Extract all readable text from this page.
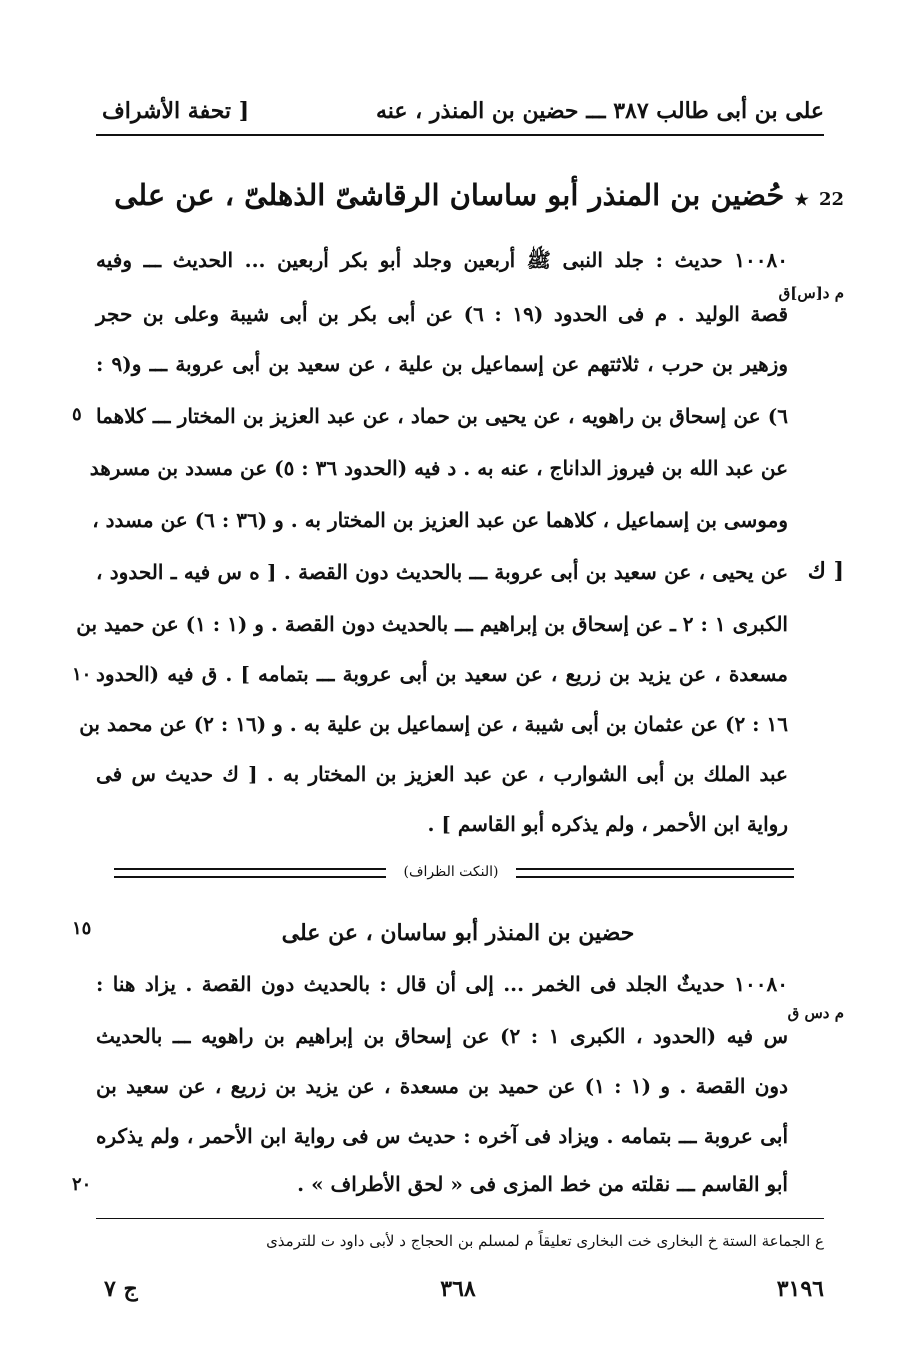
على بن أبى طالب ٣٨٧ ـــ حضين بن المنذر ، عنه
[ تحفة الأشراف
22 ★ حُضين بن المنذر أبو ساسان الرقاشىّ الذهلىّ ، عن على
١٠٠٨٠ حديث : جلد النبى ﷺ أربعين وجلد أبو بكر أربعين ... الحديث ـــ وفيه
م د[س]ق
قصة الوليد . م فى الحدود (١٩ : ٦) عن أبى بكر بن أبى شيبة وعلى بن حجر
وزهير بن حرب ، ثلاثتهم عن إسماعيل بن علية ، عن سعيد بن أبى عروبة ـــ و(٩ :
٦) عن إسحاق بن راهويه ، عن يحيى بن حماد ، عن عبد العزيز بن المختار ـــ كلاهما
٥
عن عبد الله بن فيروز الداناج ، عنه به . د فيه (الحدود ٣٦ : ٥) عن مسدد بن مسرهد
وموسى بن إسماعيل ، كلاهما عن عبد العزيز بن المختار به . و (٣٦ : ٦) عن مسدد ،
عن يحيى ، عن سعيد بن أبى عروبة ـــ بالحديث دون القصة . [ ه س فيه ـ الحدود ، [ ك
الكبرى ١ : ٢ ـ عن إسحاق بن إبراهيم ـــ بالحديث دون القصة . و (١ : ١) عن حميد بن
مسعدة ، عن يزيد بن زريع ، عن سعيد بن أبى عروبة ـــ بتمامه ] . ق فيه (الحدود
١٠
١٦ : ٢) عن عثمان بن أبى شيبة ، عن إسماعيل بن علية به . و (١٦ : ٢) عن محمد بن
عبد الملك بن أبى الشوارب ، عن عبد العزيز بن المختار به . [ ك حديث س فى
رواية ابن الأحمر ، ولم يذكره أبو القاسم ] .
(النكت الظراف)
حضين بن المنذر أبو ساسان ، عن على
١٥
١٠٠٨٠ حديثٌ الجلد فى الخمر ... إلى أن قال : بالحديث دون القصة . يزاد هنا :
م دس ق
س فيه (الحدود ، الكبرى ١ : ٢) عن إسحاق بن إبراهيم بن راهويه ـــ بالحديث
دون القصة . و (١ : ١) عن حميد بن مسعدة ، عن يزيد بن زريع ، عن سعيد بن
أبى عروبة ـــ بتمامه . ويزاد فى آخره : حديث س فى رواية ابن الأحمر ، ولم يذكره
أبو القاسم ـــ نقلته من خط المزى فى « لحق الأطراف » .
٢٠
ع الجماعة الستة خ البخارى خت البخارى تعليقاً م لمسلم بن الحجاج د لأبى داود ت للترمذى
٣١٩٦
٣٦٨
ج ٧
